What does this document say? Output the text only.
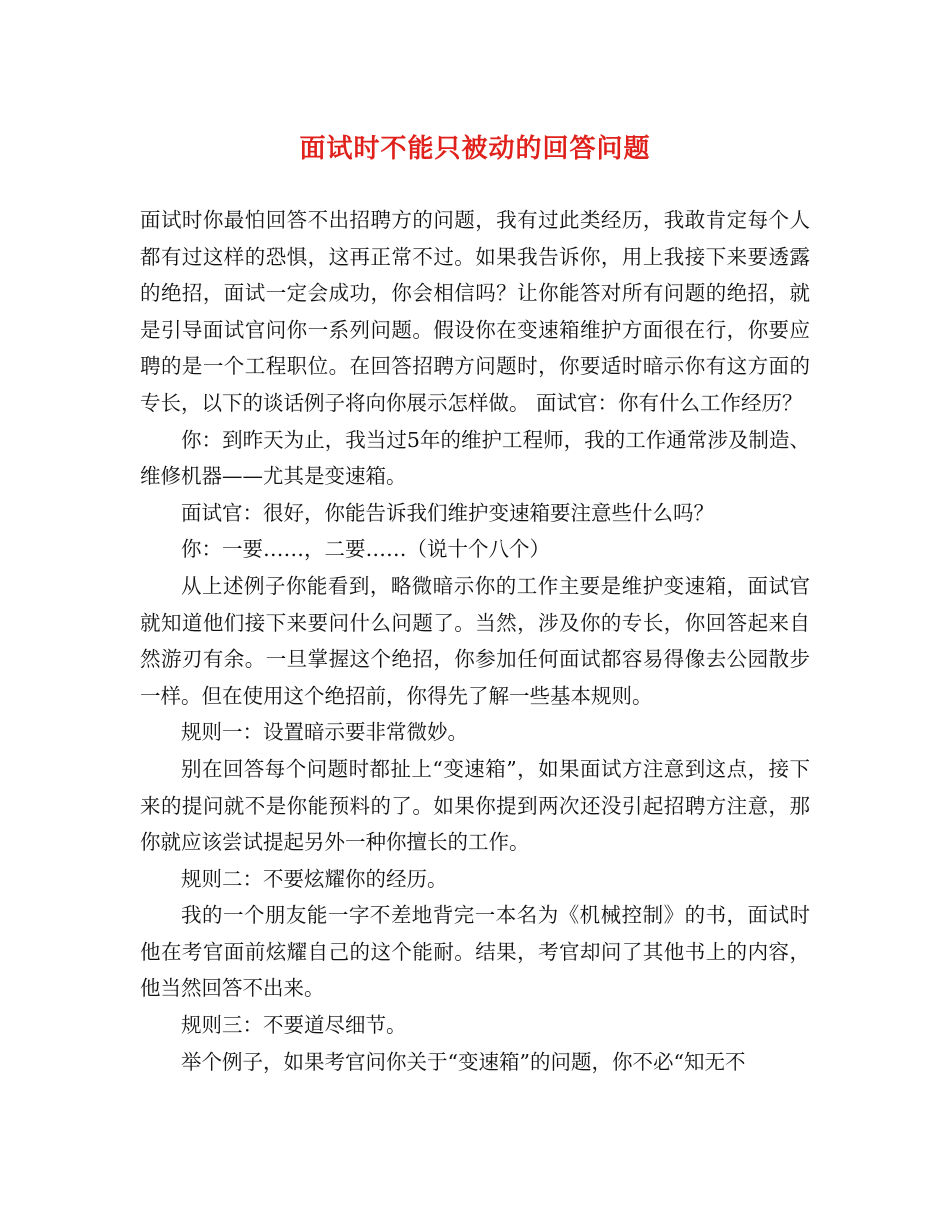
面试时不能只被动的回答问题

面试时你最怕回答不出招聘方的问题，我有过此类经历，我敢肯定每个人都有过这样的恐惧，这再正常不过。如果我告诉你，用上我接下来要透露的绝招，面试一定会成功，你会相信吗？让你能答对所有问题的绝招，就是引导面试官问你一系列问题。假设你在变速箱维护方面很在行，你要应聘的是一个工程职位。在回答招聘方问题时，你要适时暗示你有这方面的专长，以下的谈话例子将向你展示怎样做。 面试官：你有什么工作经历？

你：到昨天为止，我当过5年的维护工程师，我的工作通常涉及制造、维修机器——尤其是变速箱。

面试官：很好，你能告诉我们维护变速箱要注意些什么吗？

你：一要……，二要……（说十个八个）

从上述例子你能看到，略微暗示你的工作主要是维护变速箱，面试官就知道他们接下来要问什么问题了。当然，涉及你的专长，你回答起来自然游刃有余。一旦掌握这个绝招，你参加任何面试都容易得像去公园散步一样。但在使用这个绝招前，你得先了解一些基本规则。

规则一：设置暗示要非常微妙。

别在回答每个问题时都扯上“变速箱”，如果面试方注意到这点，接下来的提问就不是你能预料的了。如果你提到两次还没引起招聘方注意，那你就应该尝试提起另外一种你擅长的工作。

规则二：不要炫耀你的经历。

我的一个朋友能一字不差地背完一本名为《机械控制》的书，面试时他在考官面前炫耀自己的这个能耐。结果，考官却问了其他书上的内容，他当然回答不出来。

规则三：不要道尽细节。

举个例子，如果考官问你关于“变速箱”的问题，你不必“知无不
